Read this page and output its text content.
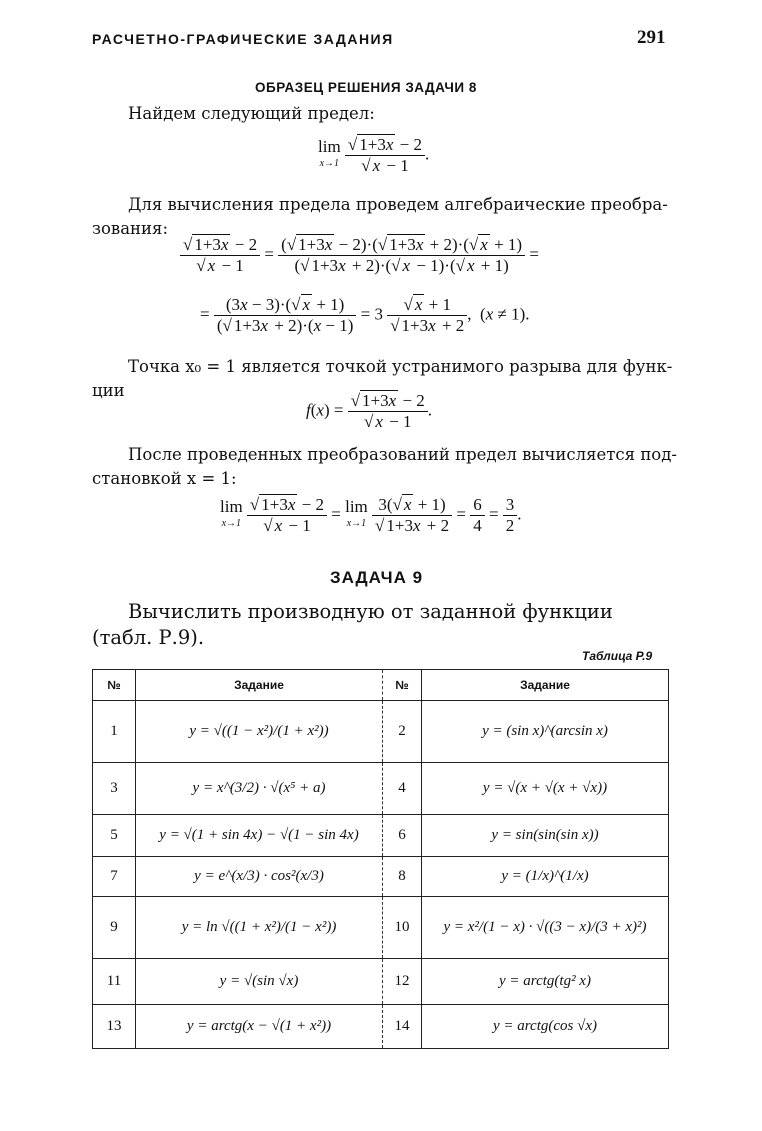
РАСЧЕТНО-ГРАФИЧЕСКИЕ ЗАДАНИЯ	291
ОБРАЗЕЦ РЕШЕНИЯ ЗАДАЧИ 8
Найдем следующий предел:
lim
$x\to 1 \frac{√ 1+3x - 2}{√ x - 1}$ .
Для вычисления предела проведем алгебраические преобра-
зования:
$\frac{√ 1+3x - 2}{√ x - 1} = \frac{(√ 1+3x - 2)\cdot(√ 1+3x + 2)\cdot(√ x + 1)}{(√ 1+3x + 2)\cdot(√ x - 1)\cdot(√ x + 1)}$ =
= $\frac{(3x - 3)\cdot(√ x + 1)}{(√ 1+3x + 2)\cdot(x - 1)} = 3 \frac{√ x + 1}{√ 1+3x + 2}$ ,  (x ≠ 1).
Точка x₀ = 1 является точкой устранимого разрыва для функ-
ции
$f(x) = \frac{√ 1+3x - 2}{√ x - 1}$ .
После проведенных преобразований предел вычисляется под-
становкой x = 1:
lim
$x\to 1 \frac{√ 1+3x - 2}{√ x - 1} = \lim$
$x\to 1 \frac{3(√ x + 1)}{√ 1+3x + 2} = \frac{6}{4} = \frac{3}{2}$ .
ЗАДАЧА 9
Вычислить производную от заданной функции
(табл. Р.9).
Таблица Р.9
№	Задание	№	Задание
1	y = √((1 − x²)/(1 + x²))	2	y = (sin x)^(arcsin x)
3	y = x^(3/2) · √(x⁵ + a)	4	y = √(x + √(x + √x))
5	y = √(1 + sin 4x) − √(1 − sin 4x)	6	y = sin(sin(sin x))
7	y = e^(x/3) · cos²(x/3)	8	y = (1/x)^(1/x)
9	y = ln √((1 + x²)/(1 − x²))	10	y = x²/(1 − x) · √((3 − x)/(3 + x)²)
11	y = √(sin √x)	12	y = arctg(tg² x)
13	y = arctg(x − √(1 + x²))	14	y = arctg(cos √x)
